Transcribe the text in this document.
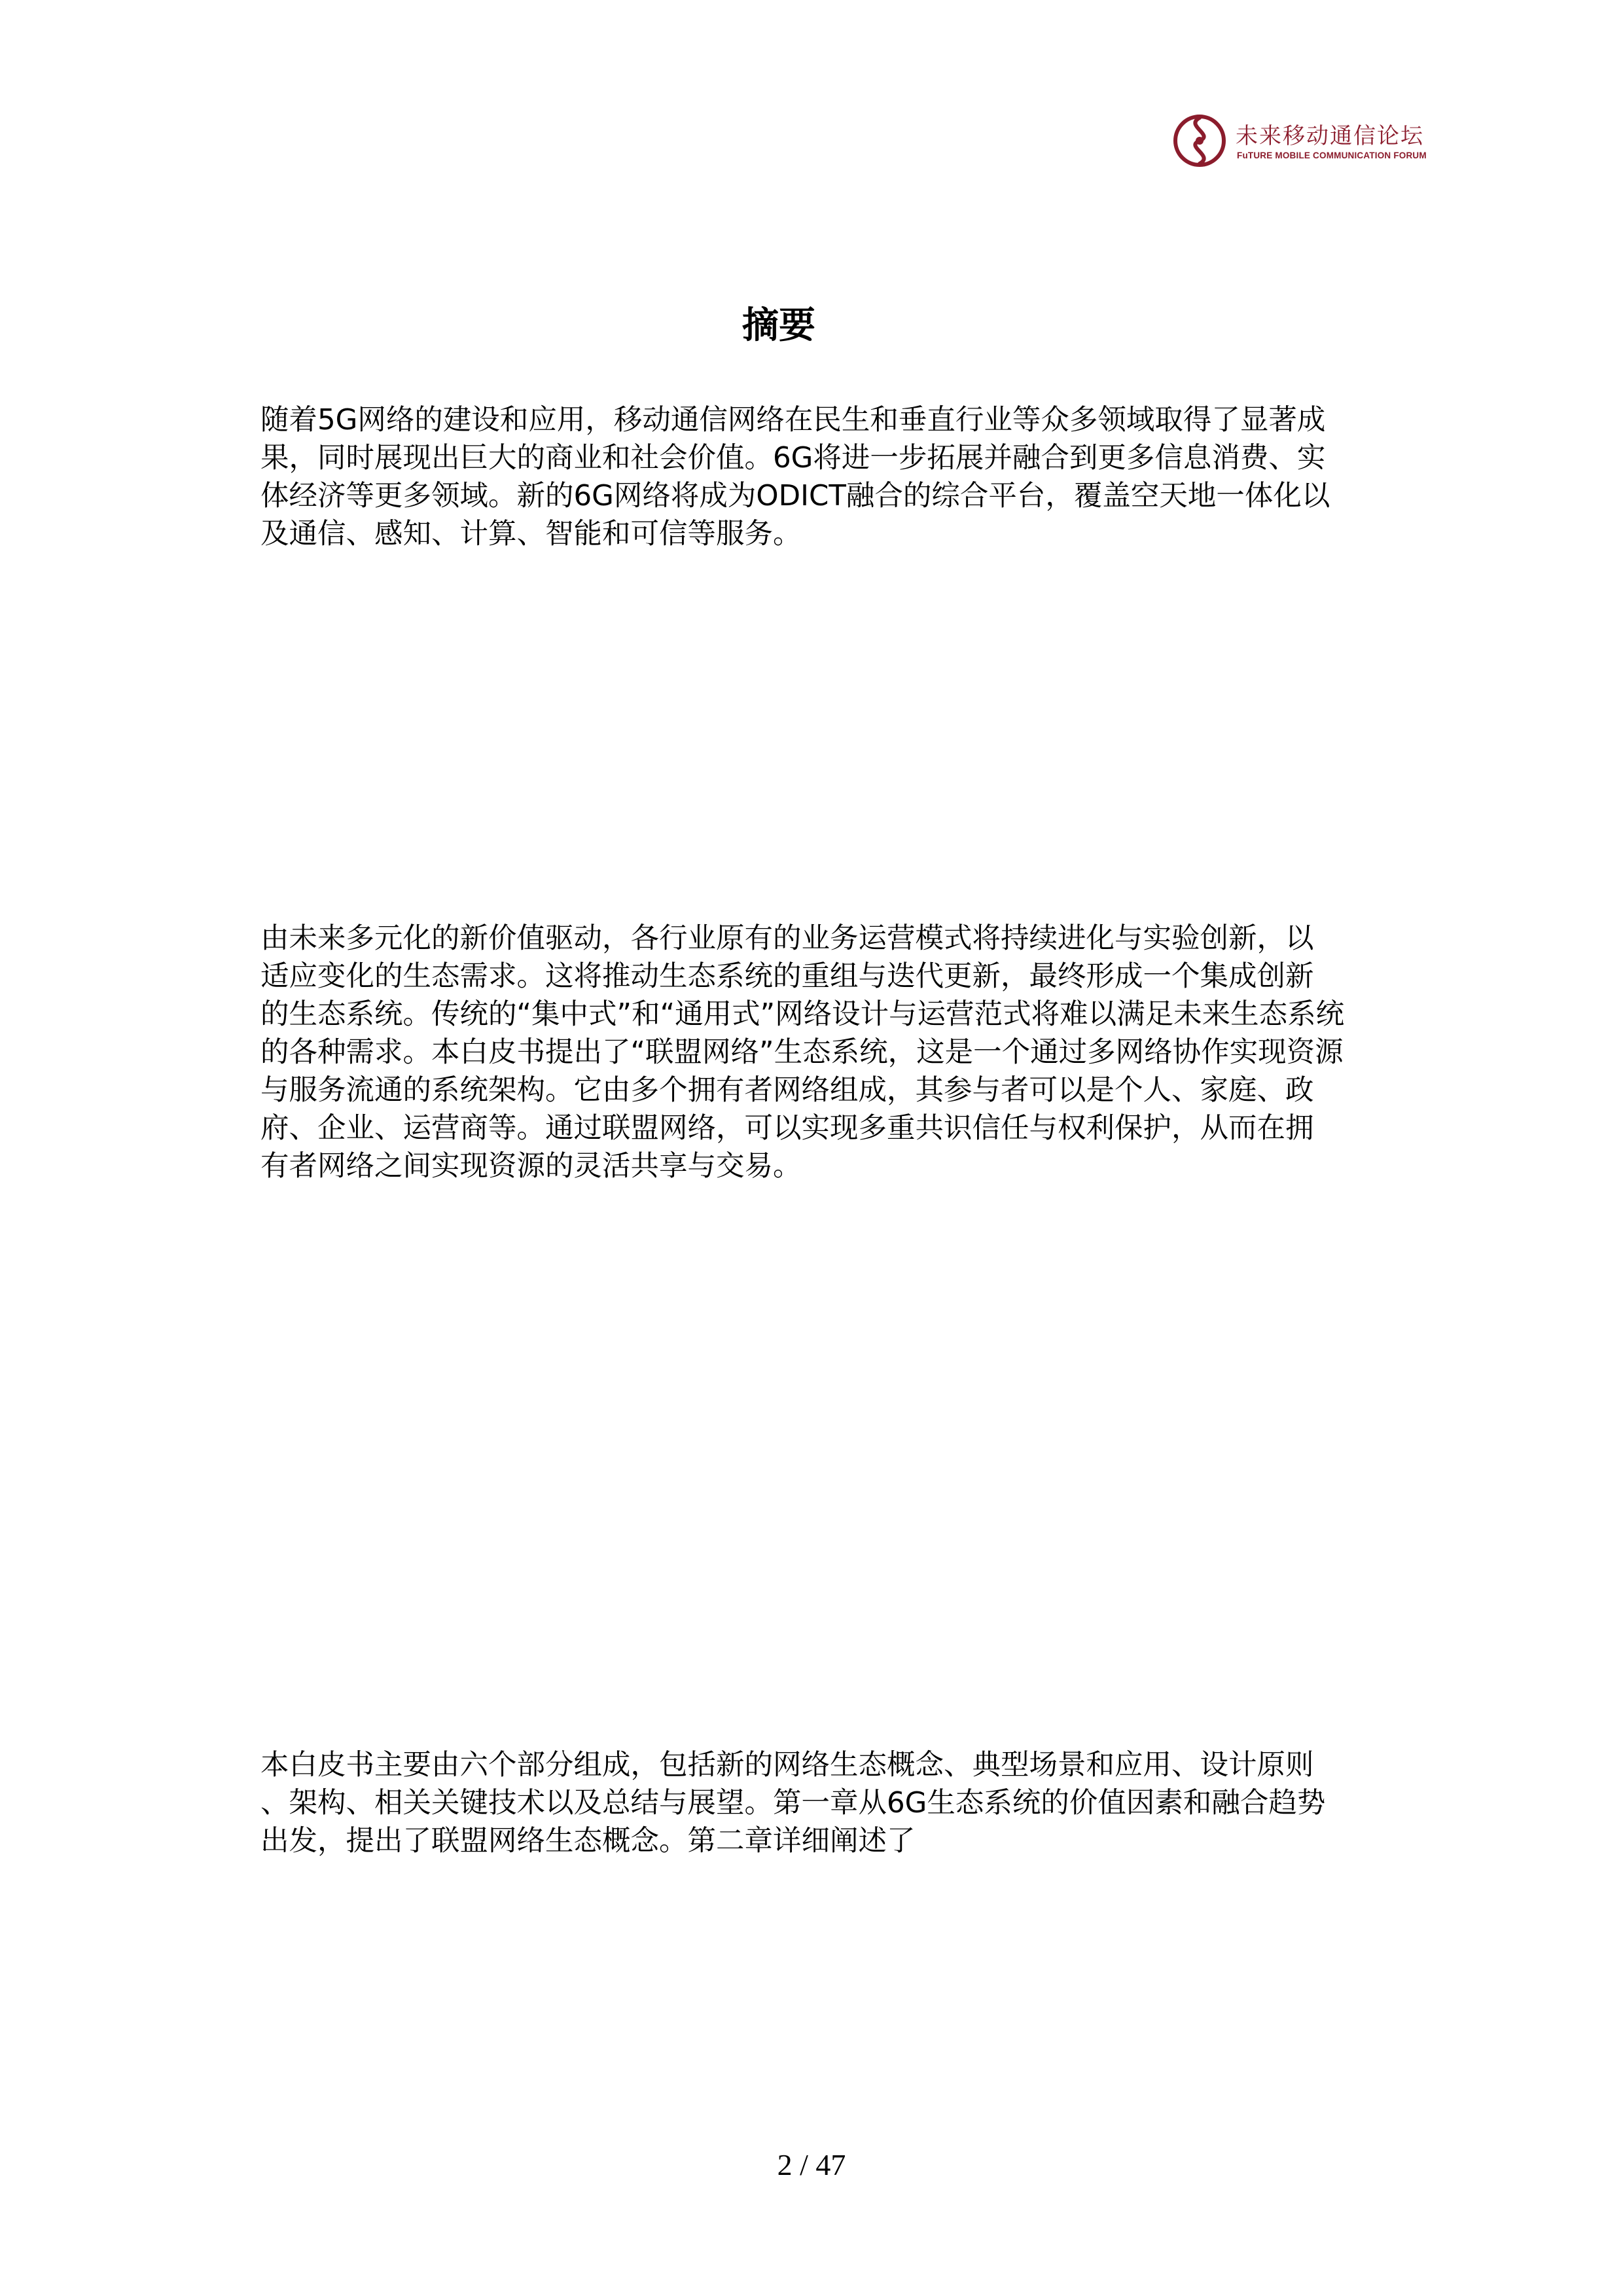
未来移动通信论坛
FuTURE MOBILE COMMUNICATION FORUM
摘要
随着5G网络的建设和应用，移动通信网络在民生和垂直行业等众多领域取得了显著成
果，同时展现出巨大的商业和社会价值。6G将进一步拓展并融合到更多信息消费、实
体经济等更多领域。新的6G网络将成为ODICT融合的综合平台，覆盖空天地一体化以
及通信、感知、计算、智能和可信等服务。
由未来多元化的新价值驱动，各行业原有的业务运营模式将持续进化与实验创新，以
适应变化的生态需求。这将推动生态系统的重组与迭代更新，最终形成一个集成创新
的生态系统。传统的“集中式”和“通用式”网络设计与运营范式将难以满足未来生态系统
的各种需求。本白皮书提出了“联盟网络”生态系统，这是一个通过多网络协作实现资源
与服务流通的系统架构。它由多个拥有者网络组成，其参与者可以是个人、家庭、政
府、企业、运营商等。通过联盟网络，可以实现多重共识信任与权利保护，从而在拥
有者网络之间实现资源的灵活共享与交易。
本白皮书主要由六个部分组成，包括新的网络生态概念、典型场景和应用、设计原则
、架构、相关关键技术以及总结与展望。第一章从6G生态系统的价值因素和融合趋势
出发，提出了联盟网络生态概念。第二章详细阐述了
2 / 47
